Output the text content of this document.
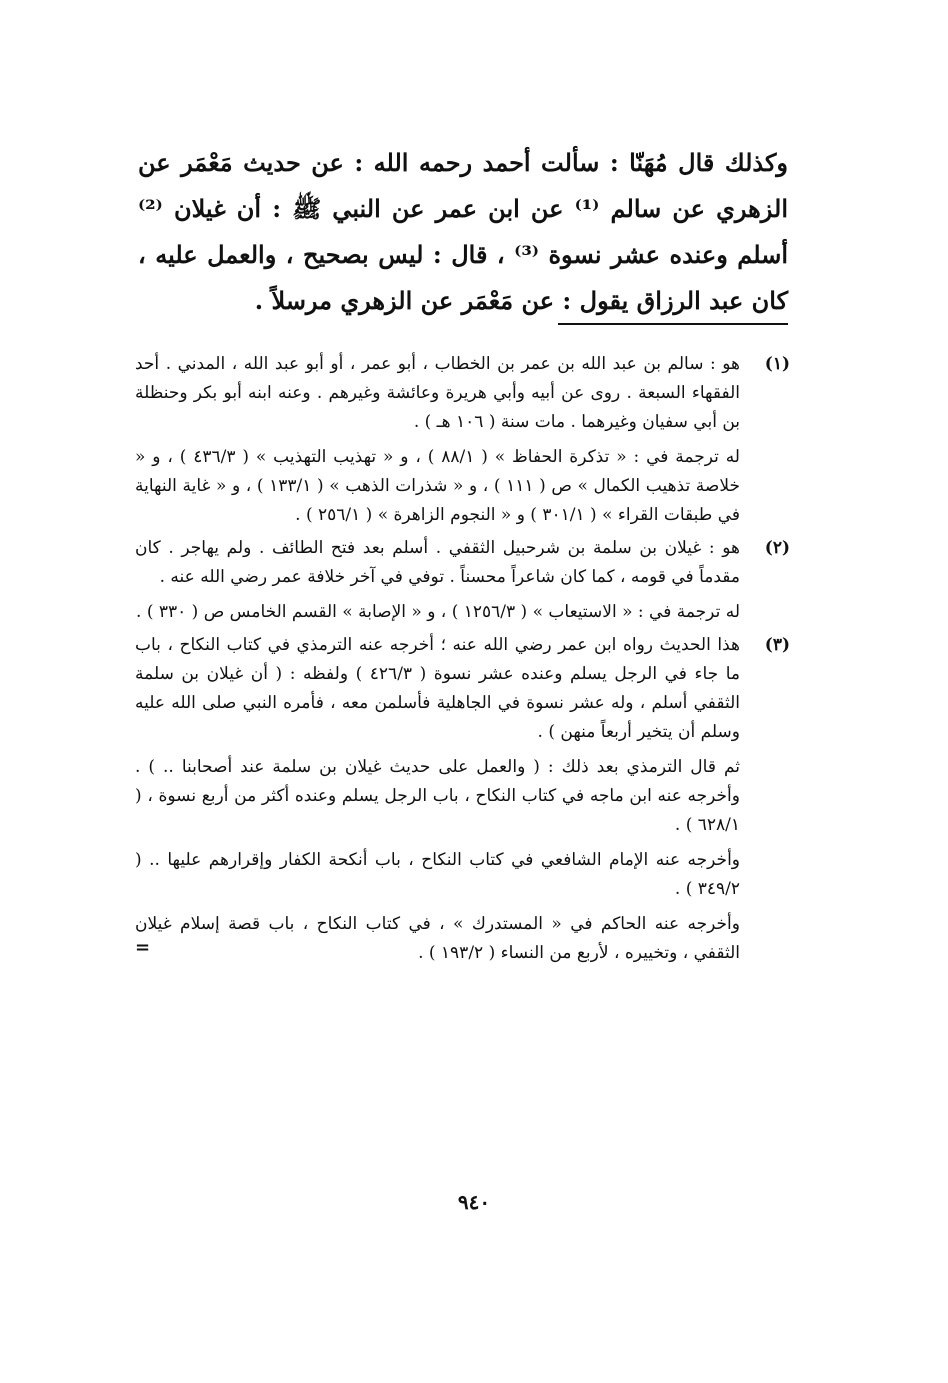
وكذلك قال مُهَنّا : سألت أحمد رحمه الله : عن حديث مَعْمَر عن الزهري عن سالم ⁽¹⁾ عن ابن عمر عن النبي ﷺ : أن غيلان ⁽²⁾ أسلم وعنده عشر نسوة ⁽³⁾ ، قال : ليس بصحيح ، والعمل عليه ، كان عبد الرزاق يقول : عن مَعْمَر عن الزهري مرسلاً .

(١)

هو : سالم بن عبد الله بن عمر بن الخطاب ، أبو عمر ، أو أبو عبد الله ، المدني . أحد الفقهاء السبعة . روى عن أبيه وأبي هريرة وعائشة وغيرهم . وعنه ابنه أبو بكر وحنظلة بن أبي سفيان وغيرهما . مات سنة ( ١٠٦ هـ ) .

له ترجمة في : « تذكرة الحفاظ » ( ٨٨/١ ) ، و « تهذيب التهذيب » ( ٤٣٦/٣ ) ، و « خلاصة تذهيب الكمال » ص ( ١١١ ) ، و « شذرات الذهب » ( ١٣٣/١ ) ، و « غاية النهاية في طبقات القراء » ( ٣٠١/١ ) و « النجوم الزاهرة » ( ٢٥٦/١ ) .

(٢)

هو : غيلان بن سلمة بن شرحبيل الثقفي . أسلم بعد فتح الطائف . ولم يهاجر . كان مقدماً في قومه ، كما كان شاعراً محسناً . توفي في آخر خلافة عمر رضي الله عنه .

له ترجمة في : « الاستيعاب » ( ١٢٥٦/٣ ) ، و « الإصابة » القسم الخامس ص ( ٣٣٠ ) .

(٣)

هذا الحديث رواه ابن عمر رضي الله عنه ؛ أخرجه عنه الترمذي في كتاب النكاح ، باب ما جاء في الرجل يسلم وعنده عشر نسوة ( ٤٢٦/٣ ) ولفظه : ( أن غيلان بن سلمة الثقفي أسلم ، وله عشر نسوة في الجاهلية فأسلمن معه ، فأمره النبي صلى الله عليه وسلم أن يتخير أربعاً منهن ) .

ثم قال الترمذي بعد ذلك : ( والعمل على حديث غيلان بن سلمة عند أصحابنا .. ) . وأخرجه عنه ابن ماجه في كتاب النكاح ، باب الرجل يسلم وعنده أكثر من أربع نسوة ، ( ٦٢٨/١ ) .

وأخرجه عنه الإمام الشافعي في كتاب النكاح ، باب أنكحة الكفار وإقرارهم عليها .. ( ٣٤٩/٢ ) .

وأخرجه عنه الحاكم في « المستدرك » ، في كتاب النكاح ، باب قصة إسلام غيلان الثقفي ، وتخييره ، لأربع من النساء ( ١٩٣/٢ ) .

=
٩٤٠
